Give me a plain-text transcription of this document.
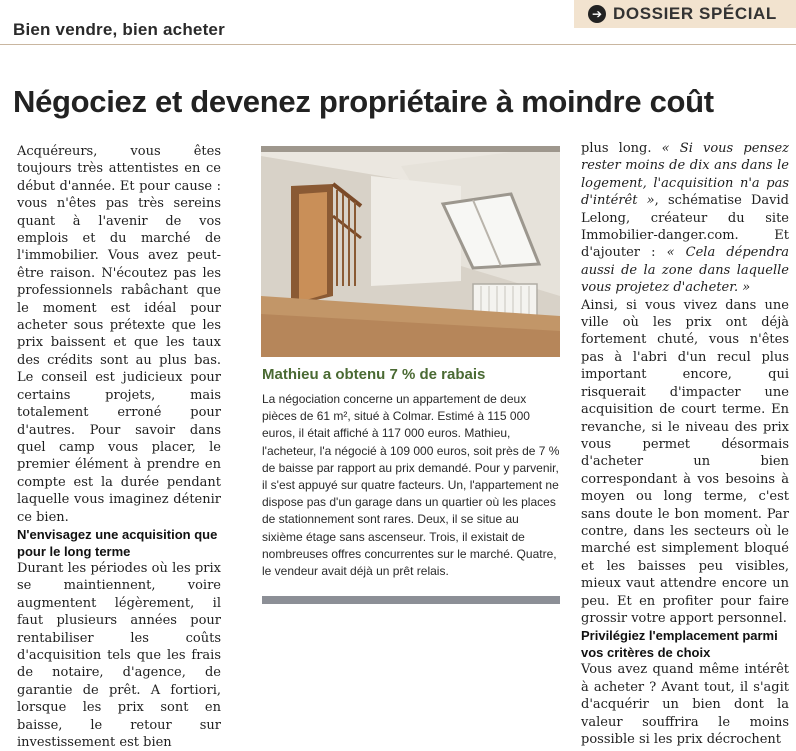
Bien vendre, bien acheter
➔ DOSSIER SPÉCIAL
Négociez et devenez propriétaire à moindre coût

Acquéreurs, vous êtes toujours très attentistes en ce début d'année. Et pour cause : vous n'êtes pas très sereins quant à l'avenir de vos emplois et du marché de l'immobilier. Vous avez peut-être raison. N'écoutez pas les professionnels rabâchant que le moment est idéal pour acheter sous prétexte que les prix baissent et que les taux des crédits sont au plus bas. Le conseil est judicieux pour certains projets, mais totalement erroné pour d'autres. Pour savoir dans quel camp vous placer, le premier élément à prendre en compte est la durée pendant laquelle vous imaginez détenir ce bien.

N'envisagez une acquisition que pour le long terme

Durant les périodes où les prix se maintiennent, voire augmentent légèrement, il faut plusieurs années pour rentabiliser les coûts d'acquisition tels que les frais de notaire, d'agence, de garantie de prêt. A fortiori, lorsque les prix sont en baisse, le retour sur investissement est bien

Mathieu a obtenu 7 % de rabais
La négociation concerne un appartement de deux pièces de 61 m², situé à Colmar. Estimé à 115 000 euros, il était affiché à 117 000 euros. Mathieu, l'acheteur, l'a négocié à 109 000 euros, soit près de 7 % de baisse par rapport au prix demandé. Pour y parvenir, il s'est appuyé sur quatre facteurs. Un, l'appartement ne dispose pas d'un garage dans un quartier où les places de stationnement sont rares. Deux, il se situe au sixième étage sans ascenseur. Trois, il existait de nombreuses offres concurrentes sur le marché. Quatre, le vendeur avait déjà un prêt relais.

plus long. « Si vous pensez rester moins de dix ans dans le logement, l'acquisition n'a pas d'intérêt », schématise David Lelong, créateur du site Immobilier-danger.com. Et d'ajouter : « Cela dépendra aussi de la zone dans laquelle vous projetez d'acheter. »

Ainsi, si vous vivez dans une ville où les prix ont déjà fortement chuté, vous n'êtes pas à l'abri d'un recul plus important encore, qui risquerait d'impacter une acquisition de court terme. En revanche, si le niveau des prix vous permet désormais d'acheter un bien correspondant à vos besoins à moyen ou long terme, c'est sans doute le bon moment. Par contre, dans les secteurs où le marché est simplement bloqué et les baisses peu visibles, mieux vaut attendre encore un peu. Et en profiter pour faire grossir votre apport personnel.

Privilégiez l'emplacement parmi vos critères de choix

Vous avez quand même intérêt à acheter ? Avant tout, il s'agit d'acquérir un bien dont la valeur souffrira le moins possible si les prix décrochent
